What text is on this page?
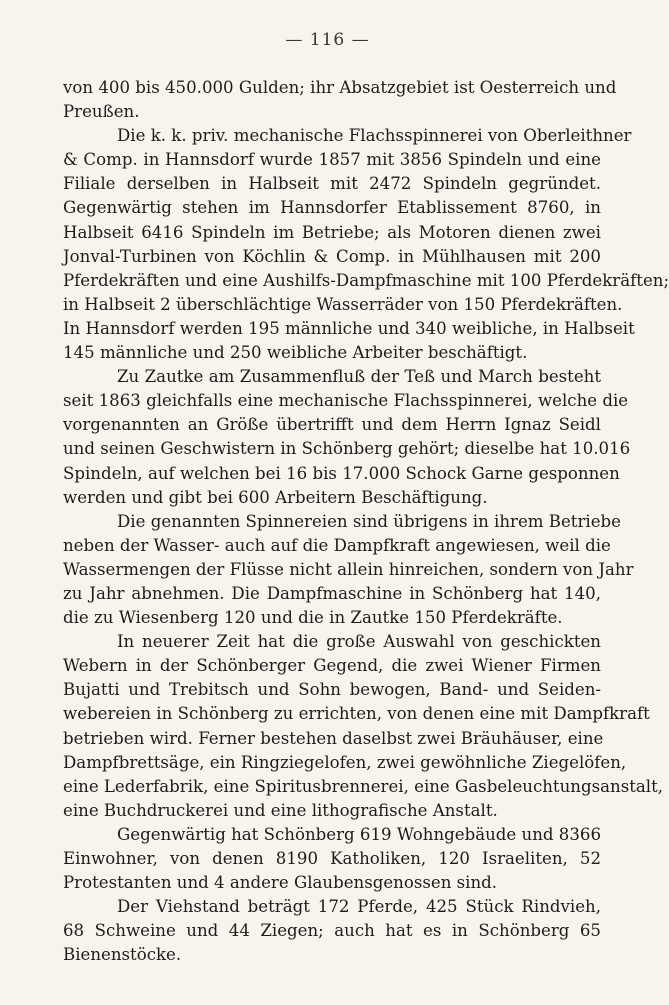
— 116 —
von 400 bis 450.000 Gulden; ihr Absatzgebiet ist Oesterreich und
Preußen.
Die k. k. priv. mechanische Flachsspinnerei von Oberleithner
& Comp. in Hannsdorf wurde 1857 mit 3856 Spindeln und eine
Filiale derselben in Halbseit mit 2472 Spindeln gegründet.
Gegenwärtig stehen im Hannsdorfer Etablissement 8760, in
Halbseit 6416 Spindeln im Betriebe; als Motoren dienen zwei
Jonval-Turbinen von Köchlin & Comp. in Mühlhausen mit 200
Pferdekräften und eine Aushilfs-Dampfmaschine mit 100 Pferdekräften;
in Halbseit 2 überschlächtige Wasserräder von 150 Pferdekräften.
In Hannsdorf werden 195 männliche und 340 weibliche, in Halbseit
145 männliche und 250 weibliche Arbeiter beschäftigt.
Zu Zautke am Zusammenfluß der Teß und March besteht
seit 1863 gleichfalls eine mechanische Flachsspinnerei, welche die
vorgenannten an Größe übertrifft und dem Herrn Ignaz Seidl
und seinen Geschwistern in Schönberg gehört; dieselbe hat 10.016
Spindeln, auf welchen bei 16 bis 17.000 Schock Garne gesponnen
werden und gibt bei 600 Arbeitern Beschäftigung.
Die genannten Spinnereien sind übrigens in ihrem Betriebe
neben der Wasser- auch auf die Dampfkraft angewiesen, weil die
Wassermengen der Flüsse nicht allein hinreichen, sondern von Jahr
zu Jahr abnehmen. Die Dampfmaschine in Schönberg hat 140,
die zu Wiesenberg 120 und die in Zautke 150 Pferdekräfte.
In neuerer Zeit hat die große Auswahl von geschickten
Webern in der Schönberger Gegend, die zwei Wiener Firmen
Bujatti und Trebitsch und Sohn bewogen, Band- und Seiden-
webereien in Schönberg zu errichten, von denen eine mit Dampfkraft
betrieben wird. Ferner bestehen daselbst zwei Bräuhäuser, eine
Dampfbrettsäge, ein Ringziegelofen, zwei gewöhnliche Ziegelöfen,
eine Lederfabrik, eine Spiritusbrennerei, eine Gasbeleuchtungsanstalt,
eine Buchdruckerei und eine lithografische Anstalt.
Gegenwärtig hat Schönberg 619 Wohngebäude und 8366
Einwohner, von denen 8190 Katholiken, 120 Israeliten, 52
Protestanten und 4 andere Glaubensgenossen sind.
Der Viehstand beträgt 172 Pferde, 425 Stück Rindvieh,
68 Schweine und 44 Ziegen; auch hat es in Schönberg 65
Bienenstöcke.
